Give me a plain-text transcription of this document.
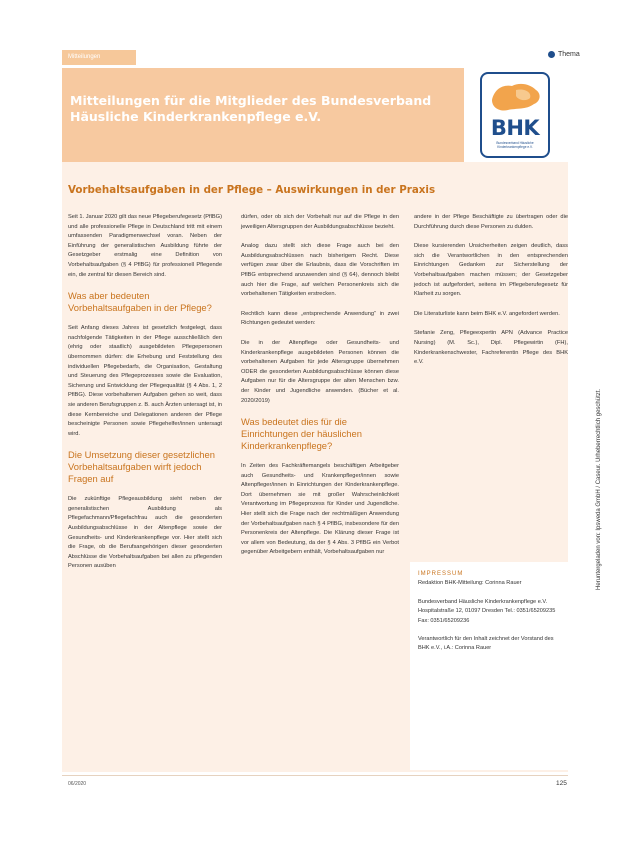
Mitteilungen	Thema
Mitteilungen für die Mitglieder des Bundesverband Häusliche Kinderkrankenpflege e.V.	BHK
Bundesverband Häusliche Kinderkrankenpflege e.V.
Vorbehaltsaufgaben in der Pflege – Auswirkungen in der Praxis

Seit 1. Januar 2020 gilt das neue Pflegeberufegesetz (PflBG) und alle professionelle Pflege in Deutschland tritt mit einem umfassenden Paradigmenwechsel voran. Neben der Einführung der generalistischen Ausbildung führte der Gesetzgeber erstmalig eine Definition von Vorbehaltsaufgaben (§ 4 PflBG) für professionell Pflegende ein, die zentral für diesen Bereich sind.

Was aber bedeuten Vorbehaltsaufgaben in der Pflege?

Seit Anfang dieses Jahres ist gesetzlich festgelegt, dass nachfolgende Tätigkeiten in der Pflege ausschließlich den (ehrig oder staatlich) ausgebildeten Pflegepersonen übernommen dürfen: die Erhebung und Feststellung des individuellen Pflegebedarfs, die Organisation, Gestaltung und Steuerung des Pflegeprozesses sowie die Evaluation, Sicherung und Entwicklung der Pflegequalität (§ 4 Abs. 1, 2 PflBG). Diese vorbehaltenen Aufgaben gehen so weit, dass sie anderen Berufsgruppen z. B. auch Ärzten untersagt ist, in diese Kernbereiche und Delegationen anderen der Pflege bescheinigte Personen sowie Pflegehelfer/innen untersagt wird.

Die Umsetzung dieser gesetzlichen Vorbehaltsaufgaben wirft jedoch Fragen auf

Die zukünftige Pflegeausbildung sieht neben der generalistischen Ausbildung als Pflegefachmann/Pflegefachfrau auch die gesonderten Ausbildungsabschlüsse in der Altenpflege sowie der Gesundheits- und Kinderkrankenpflege vor. Hier stellt sich die Frage, ob die Berufsangehörigen dieser gesonderten Abschlüsse die Vorbehaltsaufgaben bei allen zu pflegenden Personen ausüben

dürfen, oder ob sich der Vorbehalt nur auf die Pflege in den jeweiligen Altersgruppen der Ausbildungsabschlüsse bezieht.

Analog dazu stellt sich diese Frage auch bei den Ausbildungsabschlüssen nach bisherigem Recht. Diese verfügen zwar über die Erlaubnis, dass die Vorschriften im PflBG entsprechend anzuwenden sind (§ 64), dennoch bleibt auch hier die Frage, auf welchen Personenkreis sich die vorbehaltenen Tätigkeiten erstrecken.

Rechtlich kann diese „entsprechende Anwendung“ in zwei Richtungen gedeutet werden:

Die in der Altenpflege oder Gesundheits- und Kinderkrankenpflege ausgebildeten Personen können die vorbehaltenen Aufgaben für jede Altersgruppe übernehmen ODER die gesonderten Ausbildungsabschlüsse können diese Aufgaben nur für die Altersgruppe der alten Menschen bzw. der Kinder und Jugendliche anwenden. (Bücher et al. 2020/2019)

Was bedeutet dies für die Einrichtungen der häuslichen Kinderkrankenpflege?

In Zeiten des Fachkräftemangels beschäftigen Arbeitgeber auch Gesundheits- und Krankenpfleger/innen sowie Altenpfleger/innen in Einrichtungen der Kinderkrankenpflege. Dort übernehmen sie mit großer Wahrscheinlichkeit Verantwortung im Pflegeprozess für Kinder und Jugendliche. Hier stellt sich die Frage nach der rechtmäßigen Anwendung der Vorbehaltsaufgaben nach § 4 PflBG, insbesondere für den Personenkreis der Altenpflege. Die Klärung dieser Frage ist vor allem von Bedeutung, da der § 4 Abs. 3 PflBG ein Verbot gegenüber Arbeitgebern enthält, Vorbehaltsaufgaben nur

andere in der Pflege Beschäftigte zu übertragen oder die Durchführung durch diese Personen zu dulden.

Diese kursierenden Unsicherheiten zeigen deutlich, dass sich die Verantwortlichen in den entsprechenden Einrichtungen Gedanken zur Sicherstellung der Vorbehaltsaufgaben machen müssen; der Gesetzgeber jedoch ist aufgefordert, seitens im Pflegeberufegesetz für Klarheit zu sorgen.

Die Literaturliste kann beim BHK e.V. angefordert werden.

Stefanie Zeng, Pflegeexpertin APN (Advance Practice Nursing) (M. Sc.), Dipl. Pflegewirtin (FH), Kinderkrankenschwester, Fachreferentin Pflege des BHK e.V.

IMPRESSUM

Redaktion BHK-Mitteilung: Corinna Rauer

Bundesverband Häusliche Kinderkrankenpflege e.V. Hospitalstraße 12, 01097 Dresden Tel.: 0351/65209235 Fax: 0351/65209236

Verantwortlich für den Inhalt zeichnet der Vorstand des BHK e.V., i.A.: Corinna Rauer

06/2020	125
Heruntergeladen von: Ipsweda GmbH / Caseur. Urheberrechtlich geschützt.
